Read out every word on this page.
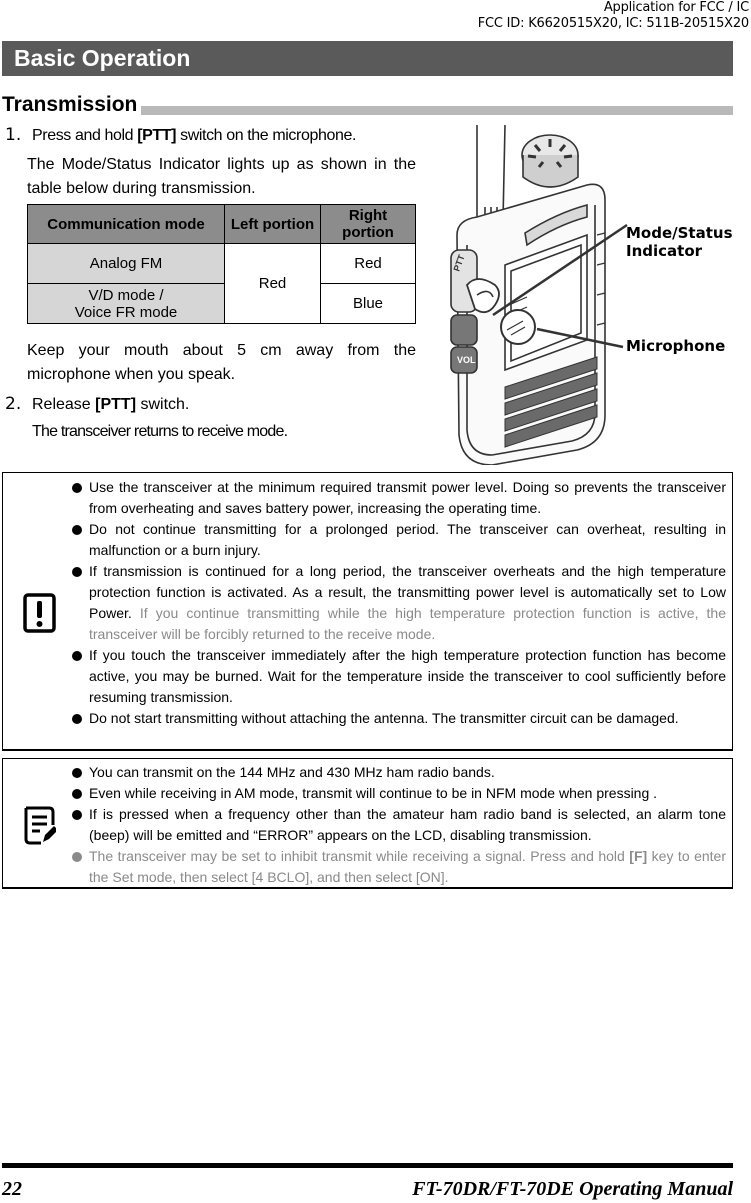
Application for FCC / IC
FCC ID: K6620515X20, IC: 511B-20515X20
Basic Operation
Transmission
1. Press and hold [PTT] switch on the microphone.
The Mode/Status Indicator lights up as shown in the table below during transmission.
Communication mode	Left portion	Right portion
Analog FM	Red	Red
V/D mode /
Voice FR mode		Blue
Keep your mouth about 5 cm away from the microphone when you speak.
2. Release [PTT] switch.
The transceiver returns to receive mode.
PTT
VOL
Mode/Status
Indicator
Microphone
Use the transceiver at the minimum required transmit power level. Doing so prevents the transceiver from overheating and saves battery power, increasing the operating time.
Do not continue transmitting for a prolonged period. The transceiver can overheat, resulting in malfunction or a burn injury.
If transmission is continued for a long period, the transceiver overheats and the high temperature protection function is activated. As a result, the transmitting power level is automatically set to Low Power. If you continue transmitting while the high temperature protection function is active, the transceiver will be forcibly returned to the receive mode.
If you touch the transceiver immediately after the high temperature protection function has become active, you may be burned. Wait for the temperature inside the transceiver to cool sufficiently before resuming transmission.
Do not start transmitting without attaching the antenna. The transmitter circuit can be damaged.
You can transmit on the 144 MHz and 430 MHz ham radio bands.
Even while receiving in AM mode, transmit will continue to be in NFM mode when pressing .
If is pressed when a frequency other than the amateur ham radio band is selected, an alarm tone (beep) will be emitted and “ERROR” appears on the LCD, disabling transmission.
The transceiver may be set to inhibit transmit while receiving a signal. Press and hold [F] key to enter the Set mode, then select [4 BCLO], and then select [ON].
22	FT-70DR/FT-70DE Operating Manual
